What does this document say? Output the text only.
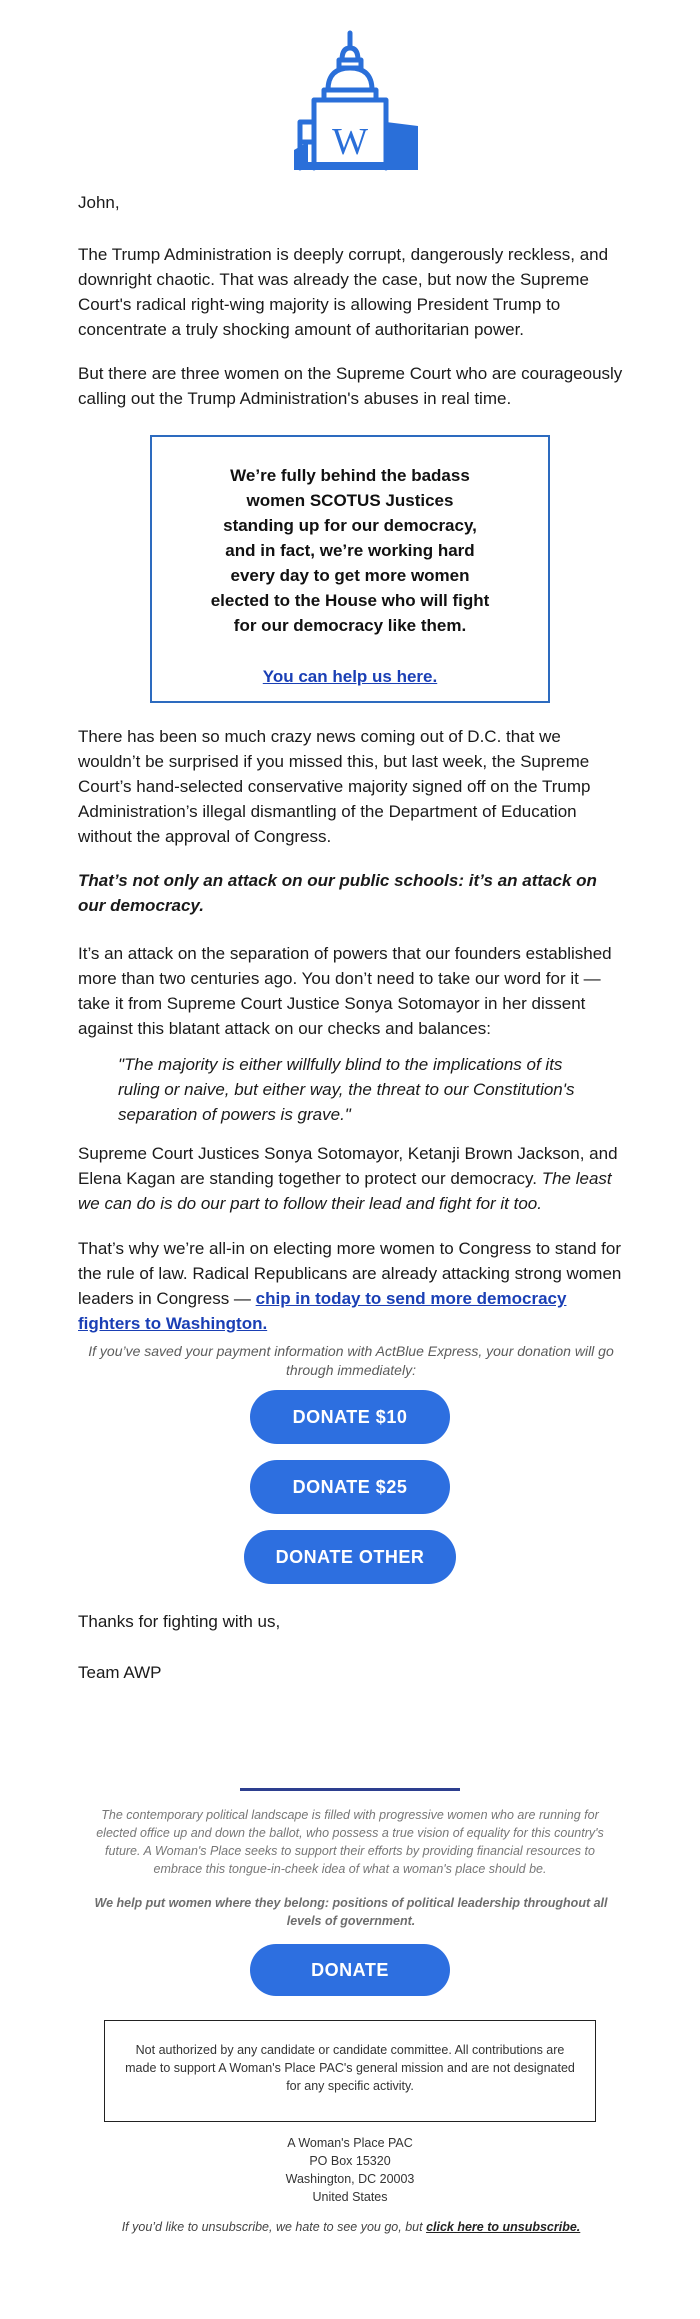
W

John,

The Trump Administration is deeply corrupt, dangerously reckless, and downright chaotic. That was already the case, but now the Supreme Court's radical right-wing majority is allowing President Trump to concentrate a truly shocking amount of authoritarian power.

But there are three women on the Supreme Court who are courageously calling out the Trump Administration's abuses in real time.

We’re fully behind the badass women SCOTUS Justices standing up for our democracy, and in fact, we’re working hard every day to get more women elected to the House who will fight for our democracy like them.

You can help us here.

There has been so much crazy news coming out of D.C. that we wouldn’t be surprised if you missed this, but last week, the Supreme Court’s hand-selected conservative majority signed off on the Trump Administration’s illegal dismantling of the Department of Education without the approval of Congress.

That’s not only an attack on our public schools: it’s an attack on our democracy.

It’s an attack on the separation of powers that our founders established more than two centuries ago. You don’t need to take our word for it — take it from Supreme Court Justice Sonya Sotomayor in her dissent against this blatant attack on our checks and balances:

"The majority is either willfully blind to the implications of its ruling or naive, but either way, the threat to our Constitution's separation of powers is grave."

Supreme Court Justices Sonya Sotomayor, Ketanji Brown Jackson, and Elena Kagan are standing together to protect our democracy. The least we can do is do our part to follow their lead and fight for it too.

That’s why we’re all-in on electing more women to Congress to stand for the rule of law. Radical Republicans are already attacking strong women leaders in Congress — chip in today to send more democracy fighters to Washington.

If you’ve saved your payment information with ActBlue Express, your donation will go through immediately:

DONATE $10
DONATE $25
DONATE OTHER

Thanks for fighting with us,

Team AWP

The contemporary political landscape is filled with progressive women who are running for elected office up and down the ballot, who possess a true vision of equality for this country's future. A Woman's Place seeks to support their efforts by providing financial resources to embrace this tongue-in-cheek idea of what a woman's place should be.

We help put women where they belong: positions of political leadership throughout all levels of government.

DONATE

Not authorized by any candidate or candidate committee. All contributions are made to support A Woman's Place PAC's general mission and are not designated for any specific activity.

A Woman's Place PAC
PO Box 15320
Washington, DC 20003
United States

If you’d like to unsubscribe, we hate to see you go, but click here to unsubscribe.
